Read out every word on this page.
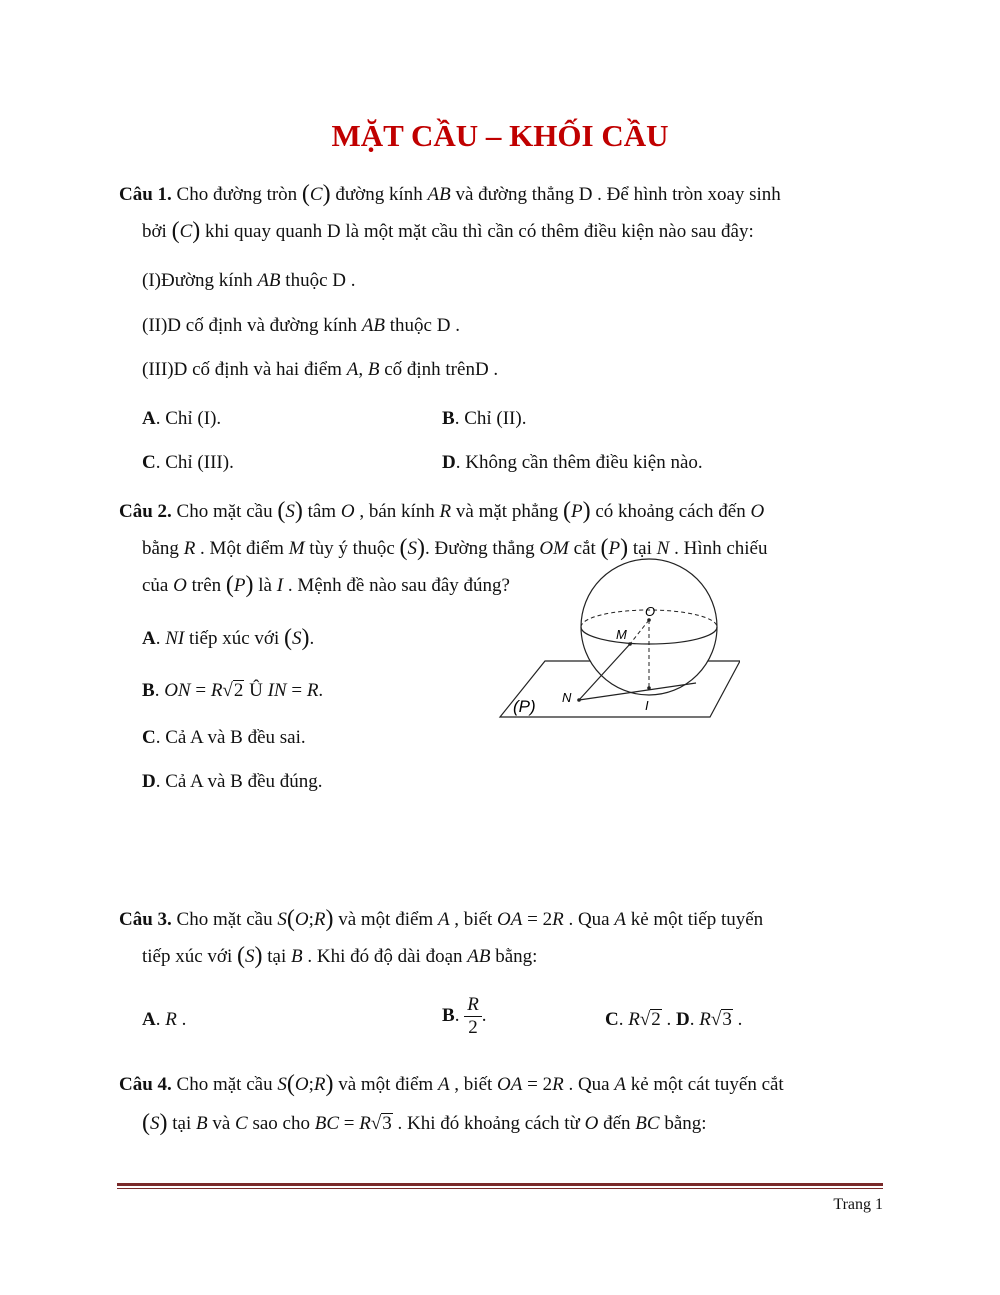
MẶT CẦU – KHỐI CẦU
Câu 1. Cho đường tròn (C) đường kính AB và đường thẳng D . Để hình tròn xoay sinh
bởi (C) khi quay quanh D là một mặt cầu thì cần có thêm điều kiện nào sau đây:
(I)Đường kính AB thuộc D .
(II)D cố định và đường kính AB thuộc D .
(III)D cố định và hai điểm A, B cố định trênD .
A. Chỉ (I).	B. Chỉ (II).
C. Chỉ (III).	D. Không cần thêm điều kiện nào.
Câu 2. Cho mặt cầu (S) tâm O , bán kính R và mặt phẳng (P) có khoảng cách đến O
bằng R . Một điểm M tùy ý thuộc (S). Đường thẳng OM cắt (P) tại N . Hình chiếu
của O trên (P) là I . Mệnh đề nào sau đây đúng?
A. NI tiếp xúc với (S).
B. ON = R√2 Û IN = R.
C. Cả A và B đều sai.
D. Cả A và B đều đúng.
O
M
N
I
(P)
Câu 3. Cho mặt cầu S(O;R) và một điểm A , biết OA = 2R . Qua A kẻ một tiếp tuyến
tiếp xúc với (S) tại B . Khi đó độ dài đoạn AB bằng:
A. R .	B. $\frac{R}{2}$ .	C. R√2 . D. R√3 .
Câu 4. Cho mặt cầu S(O;R) và một điểm A , biết OA = 2R . Qua A kẻ một cát tuyến cắt
(S) tại B và C sao cho BC = R√3 . Khi đó khoảng cách từ O đến BC bằng:
Trang 1
